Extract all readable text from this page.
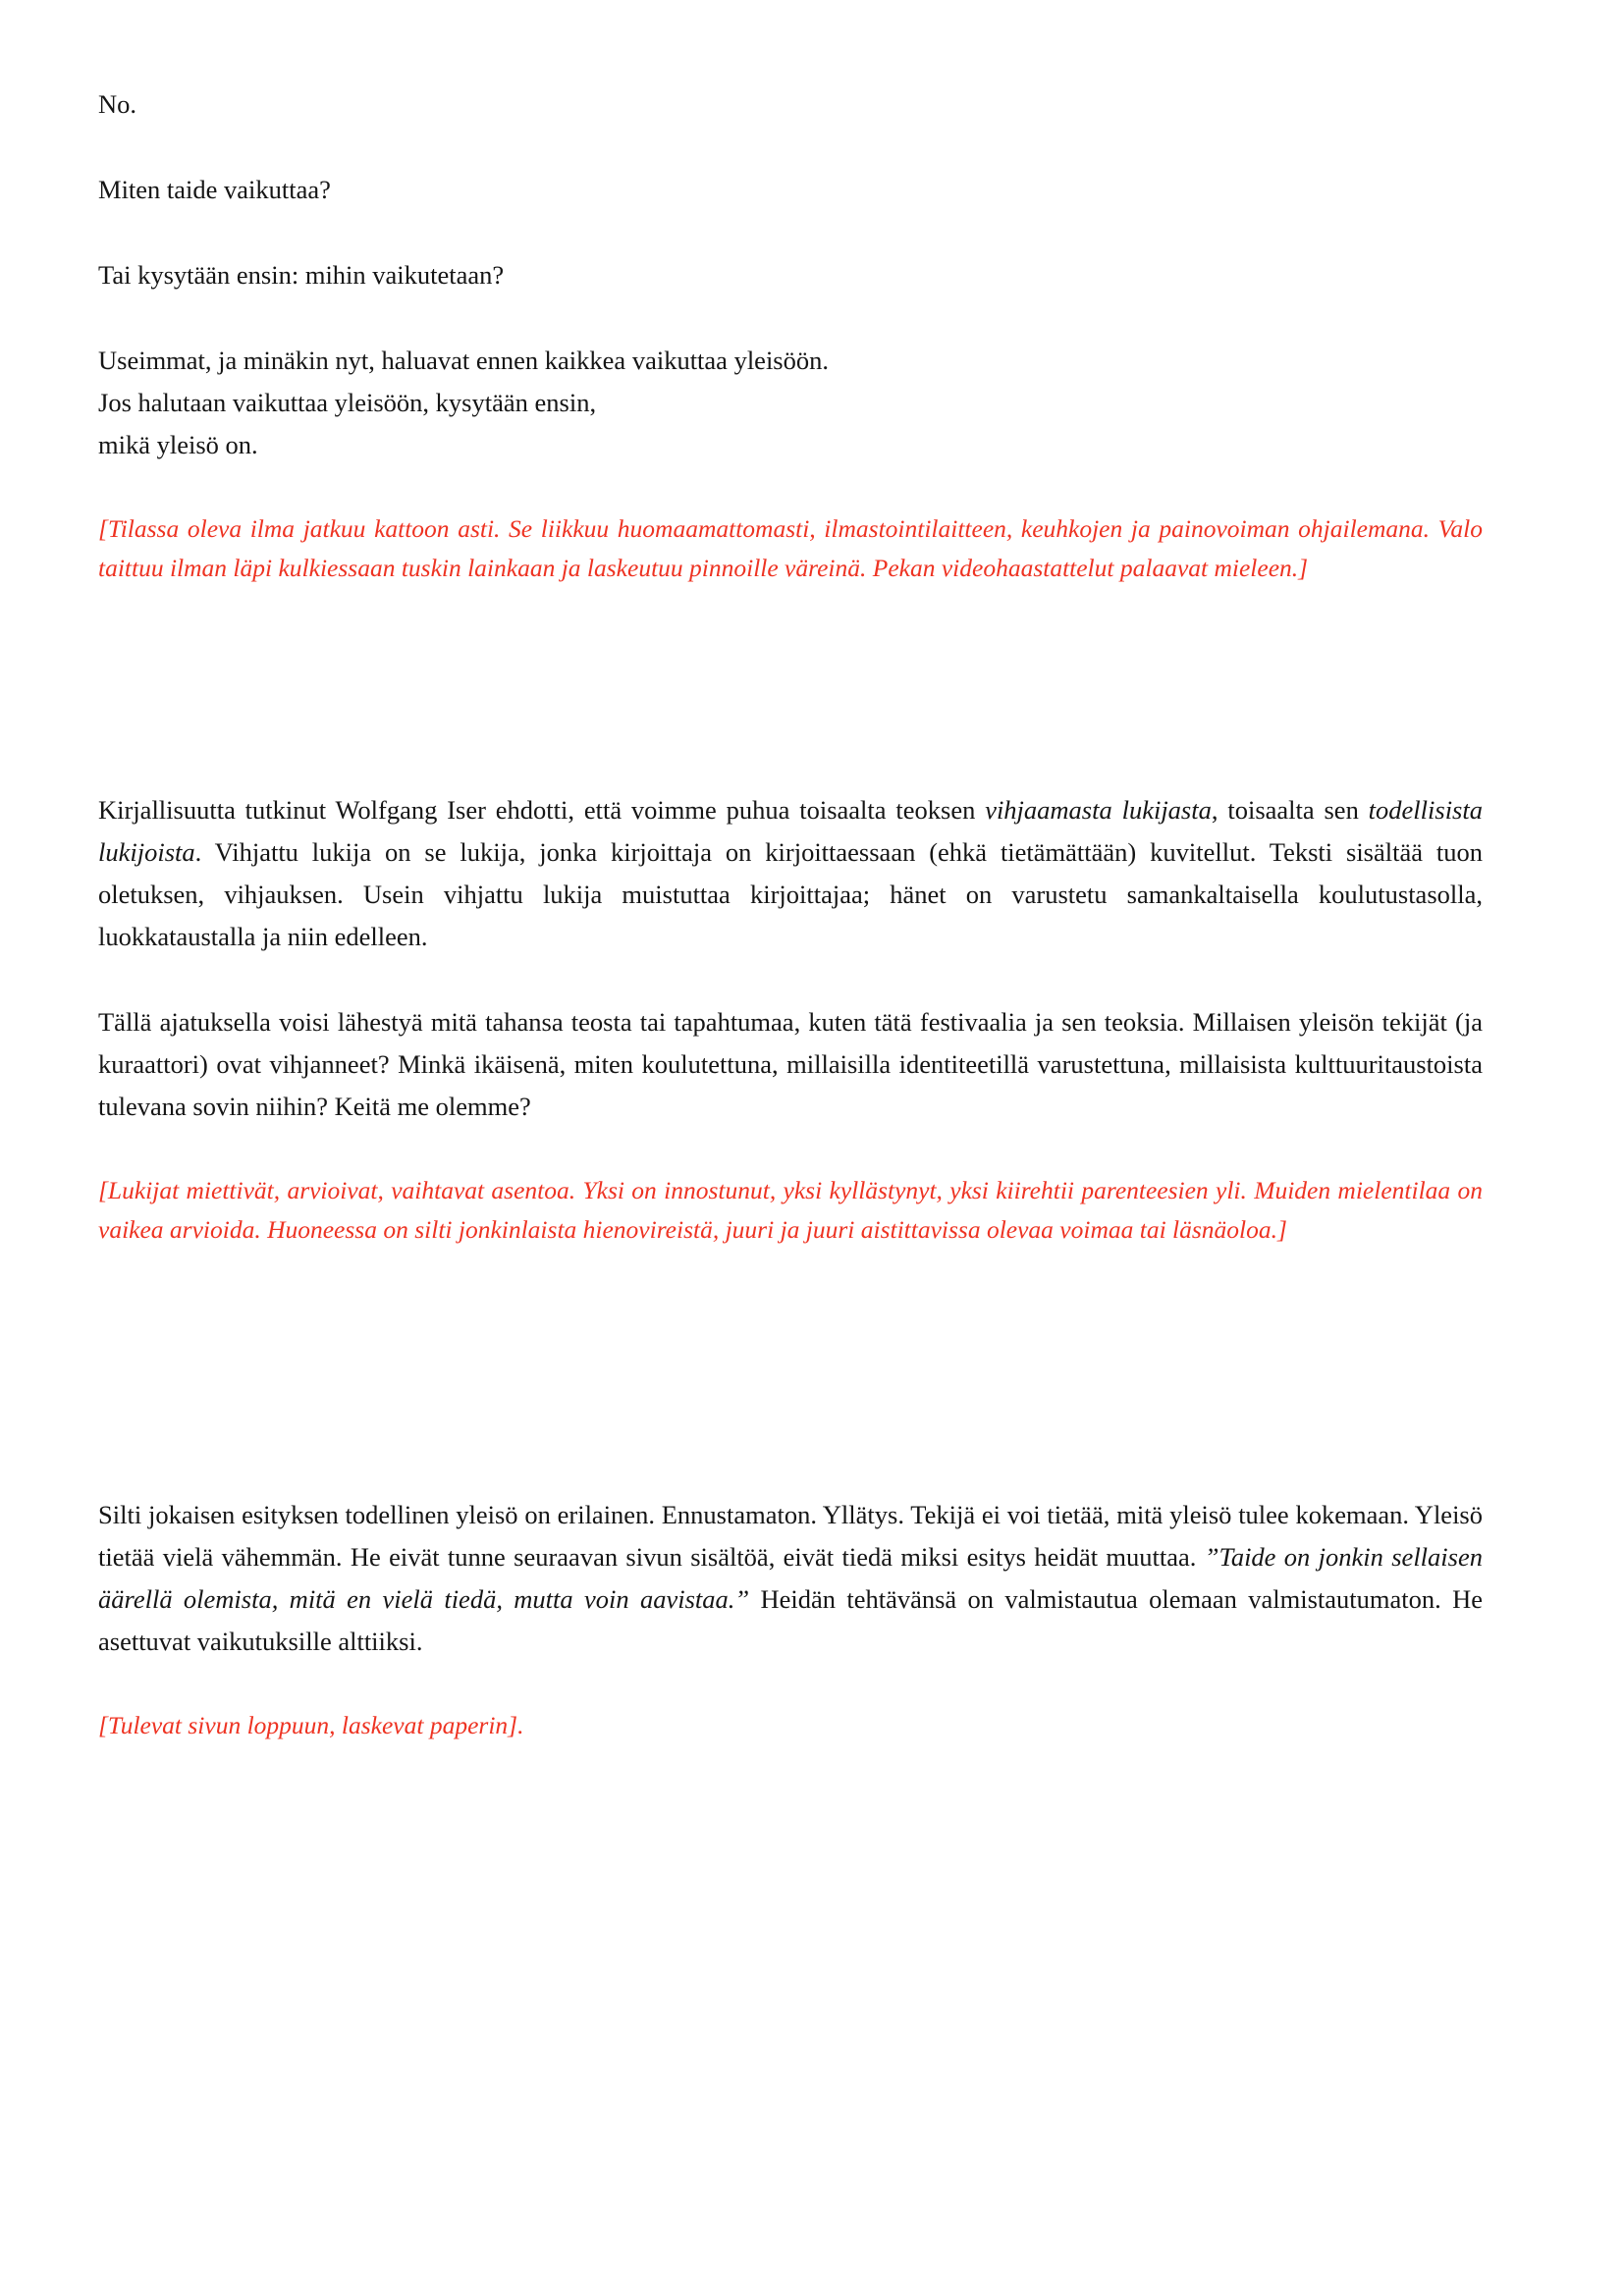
No.

Miten taide vaikuttaa?

Tai kysytään ensin: mihin vaikutetaan?

Useimmat, ja minäkin nyt, haluavat ennen kaikkea vaikuttaa yleisöön.

Jos halutaan vaikuttaa yleisöön, kysytään ensin,

mikä yleisö on.

[Tilassa oleva ilma jatkuu kattoon asti. Se liikkuu huomaamattomasti, ilmastointilaitteen, keuhkojen ja painovoiman ohjailemana. Valo taittuu ilman läpi kulkiessaan tuskin lainkaan ja laskeutuu pinnoille väreinä. Pekan videohaastattelut palaavat mieleen.]

Kirjallisuutta tutkinut Wolfgang Iser ehdotti, että voimme puhua toisaalta teoksen vihjaamasta lukijasta, toisaalta sen todellisista lukijoista. Vihjattu lukija on se lukija, jonka kirjoittaja on kirjoittaessaan (ehkä tietämättään) kuvitellut. Teksti sisältää tuon oletuksen, vihjauksen. Usein vihjattu lukija muistuttaa kirjoittajaa; hänet on varustetu samankaltaisella koulutustasolla, luokkataustalla ja niin edelleen.

Tällä ajatuksella voisi lähestyä mitä tahansa teosta tai tapahtumaa, kuten tätä festivaalia ja sen teoksia. Millaisen yleisön tekijät (ja kuraattori) ovat vihjanneet? Minkä ikäisenä, miten koulutettuna, millaisilla identiteetillä varustettuna, millaisista kulttuuritaustoista tulevana sovin niihin? Keitä me olemme?

[Lukijat miettivät, arvioivat, vaihtavat asentoa. Yksi on innostunut, yksi kyllästynyt, yksi kiirehtii parenteesien yli. Muiden mielentilaa on vaikea arvioida. Huoneessa on silti jonkinlaista hienovireistä, juuri ja juuri aistittavissa olevaa voimaa tai läsnäoloa.]

Silti jokaisen esityksen todellinen yleisö on erilainen. Ennustamaton. Yllätys. Tekijä ei voi tietää, mitä yleisö tulee kokemaan. Yleisö tietää vielä vähemmän. He eivät tunne seuraavan sivun sisältöä, eivät tiedä miksi esitys heidät muuttaa. ”Taide on jonkin sellaisen äärellä olemista, mitä en vielä tiedä, mutta voin aavistaa.” Heidän tehtävänsä on valmistautua olemaan valmistautumaton. He asettuvat vaikutuksille alttiiksi.

[Tulevat sivun loppuun, laskevat paperin].
